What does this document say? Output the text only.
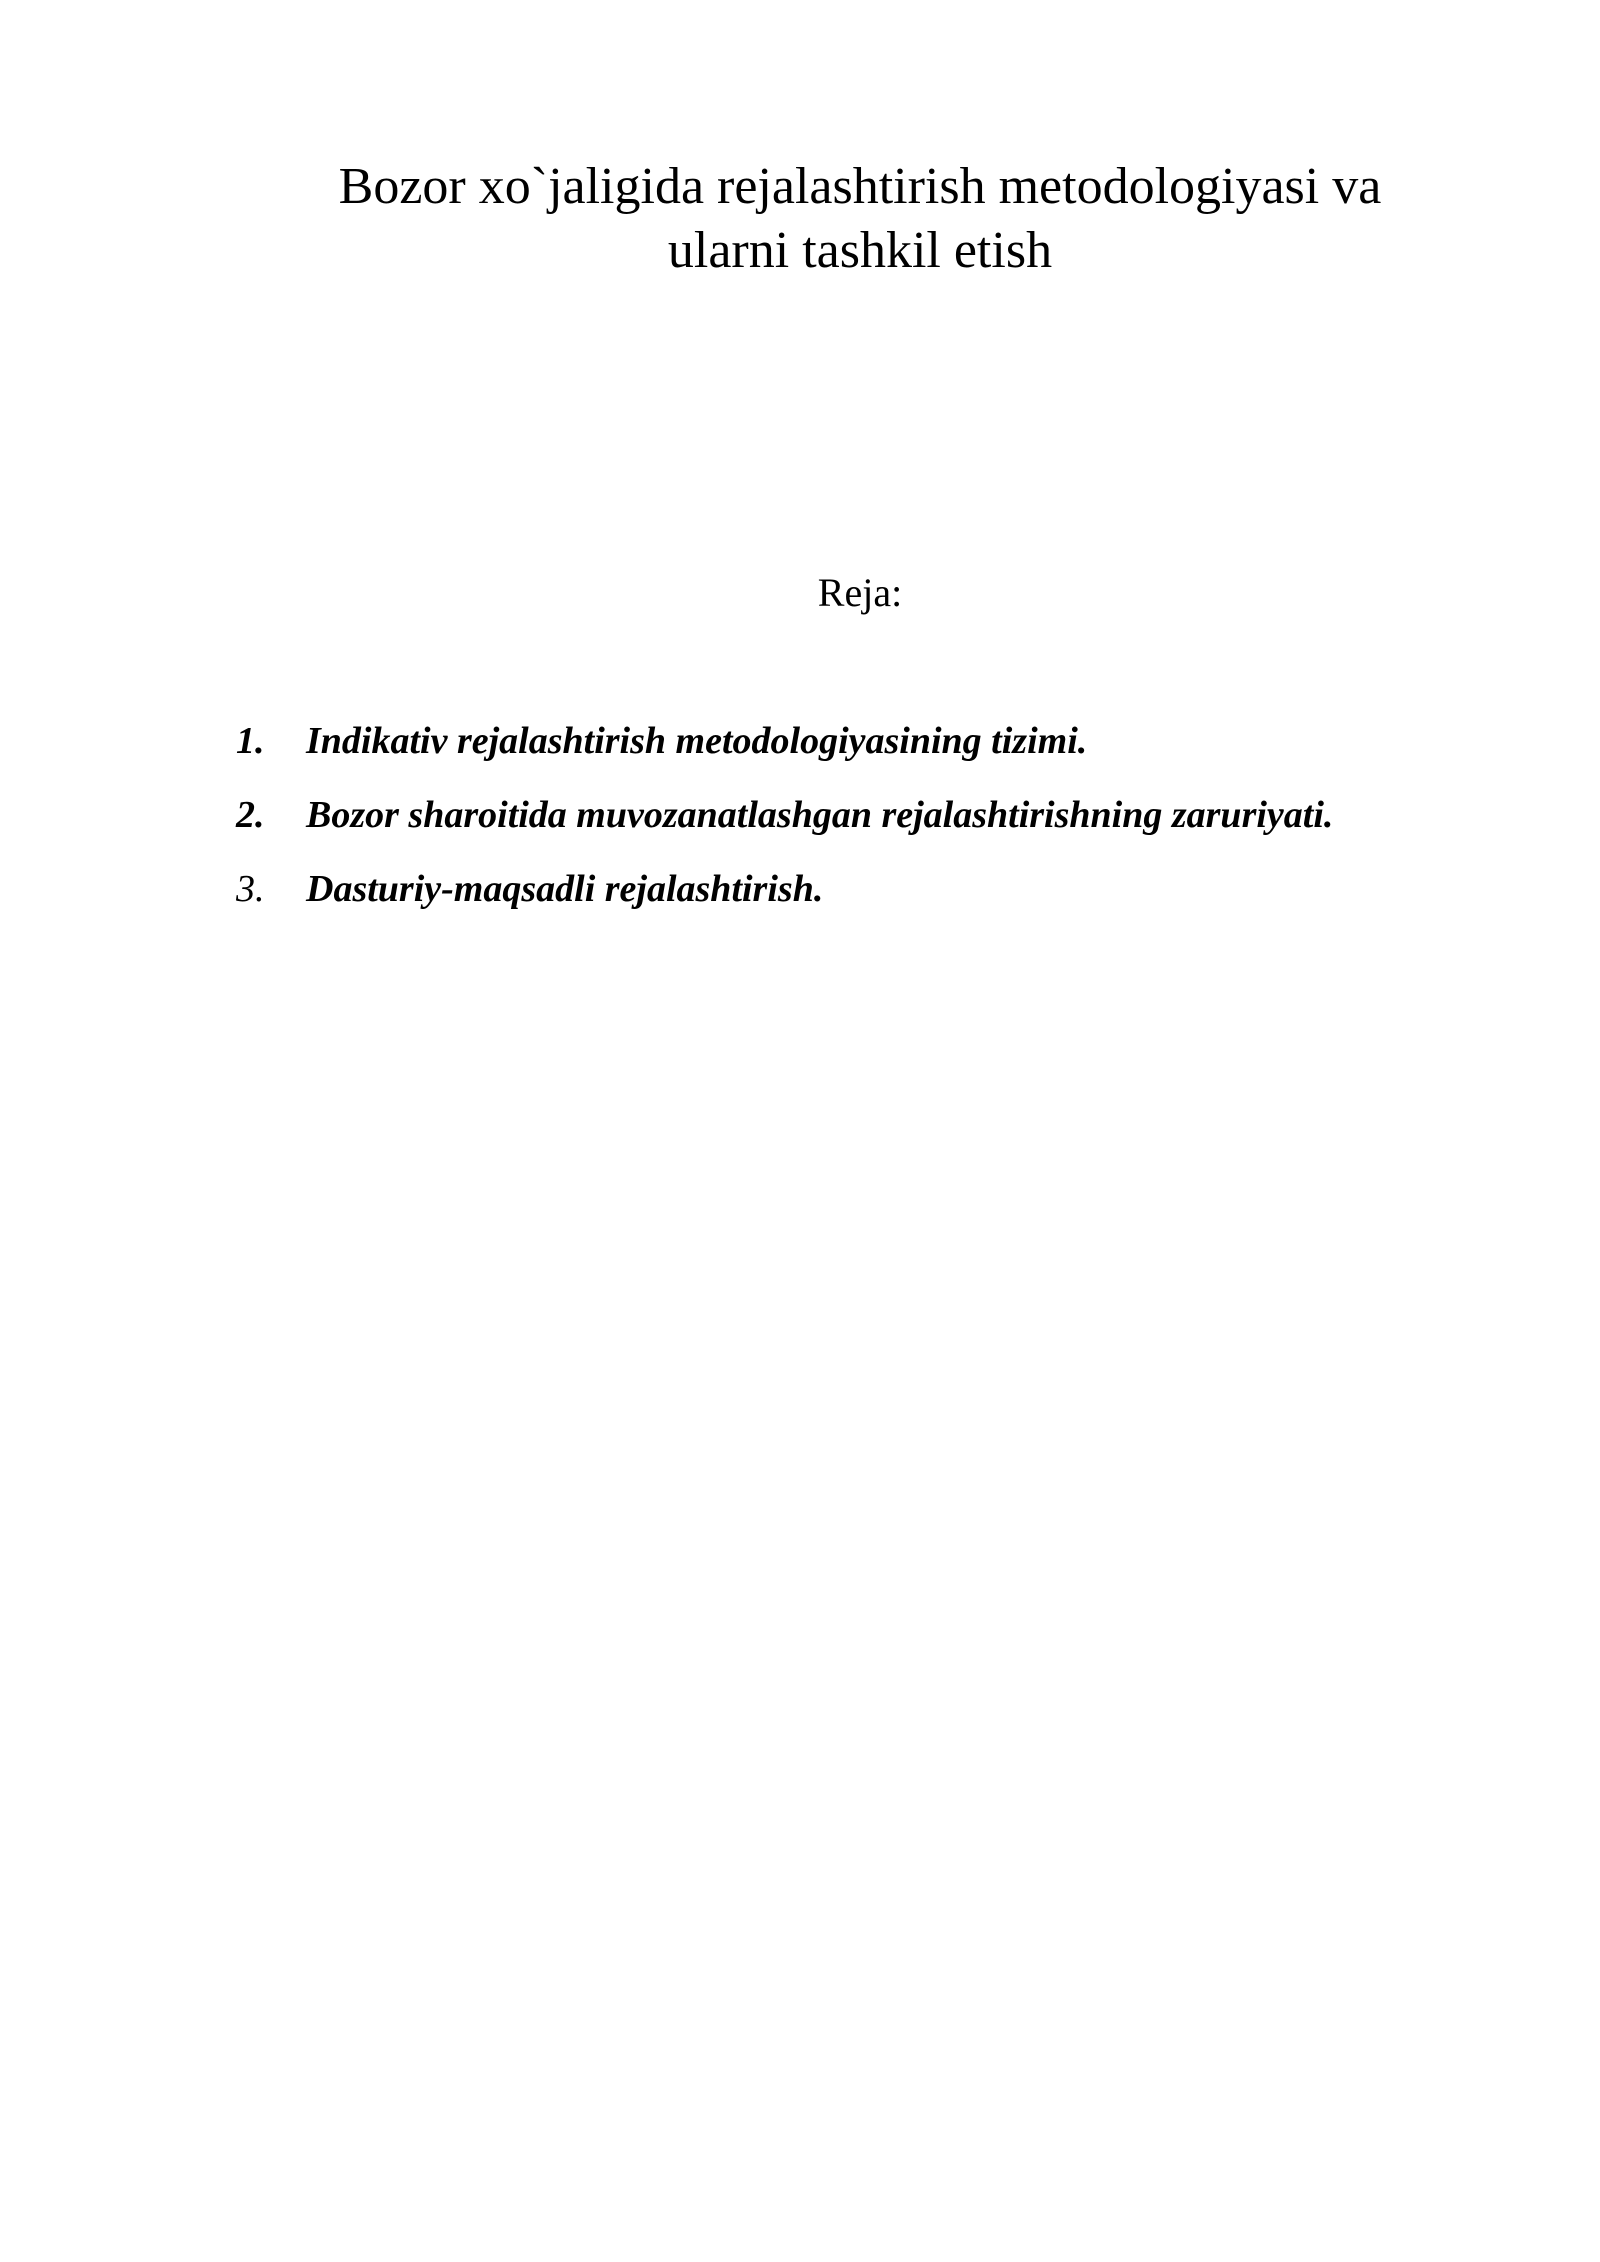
Bozor xo`jaligida rejalashtirish metodologiyasi va
ularni tashkil etish

Reja:

1.	Indikativ rejalashtirish metodologiyasining tizimi.
2.	Bozor sharoitida muvozanatlashgan rejalashtirishning zaruriyati.
3.	Dasturiy-maqsadli rejalashtirish.
